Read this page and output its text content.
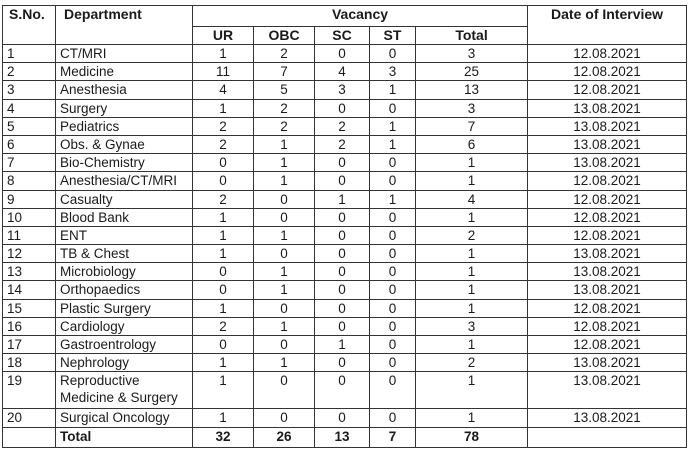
S.No.	Department	Vacancy					Date of Interview
		UR	OBC	SC	ST	Total	
1	CT/MRI	1	2	0	0	3	12.08.2021
2	Medicine	11	7	4	3	25	12.08.2021
3	Anesthesia	4	5	3	1	13	12.08.2021
4	Surgery	1	2	0	0	3	13.08.2021
5	Pediatrics	2	2	2	1	7	13.08.2021
6	Obs. & Gynae	2	1	2	1	6	13.08.2021
7	Bio-Chemistry	0	1	0	0	1	13.08.2021
8	Anesthesia/CT/MRI	0	1	0	0	1	12.08.2021
9	Casualty	2	0	1	1	4	12.08.2021
10	Blood Bank	1	0	0	0	1	12.08.2021
11	ENT	1	1	0	0	2	12.08.2021
12	TB & Chest	1	0	0	0	1	13.08.2021
13	Microbiology	0	1	0	0	1	13.08.2021
14	Orthopaedics	0	1	0	0	1	13.08.2021
15	Plastic Surgery	1	0	0	0	1	12.08.2021
16	Cardiology	2	1	0	0	3	12.08.2021
17	Gastroentrology	0	0	1	0	1	12.08.2021
18	Nephrology	1	1	0	0	2	13.08.2021
19	Reproductive Medicine & Surgery	1	0	0	0	1	13.08.2021
20	Surgical Oncology	1	0	0	0	1	13.08.2021
	Total	32	26	13	7	78	
